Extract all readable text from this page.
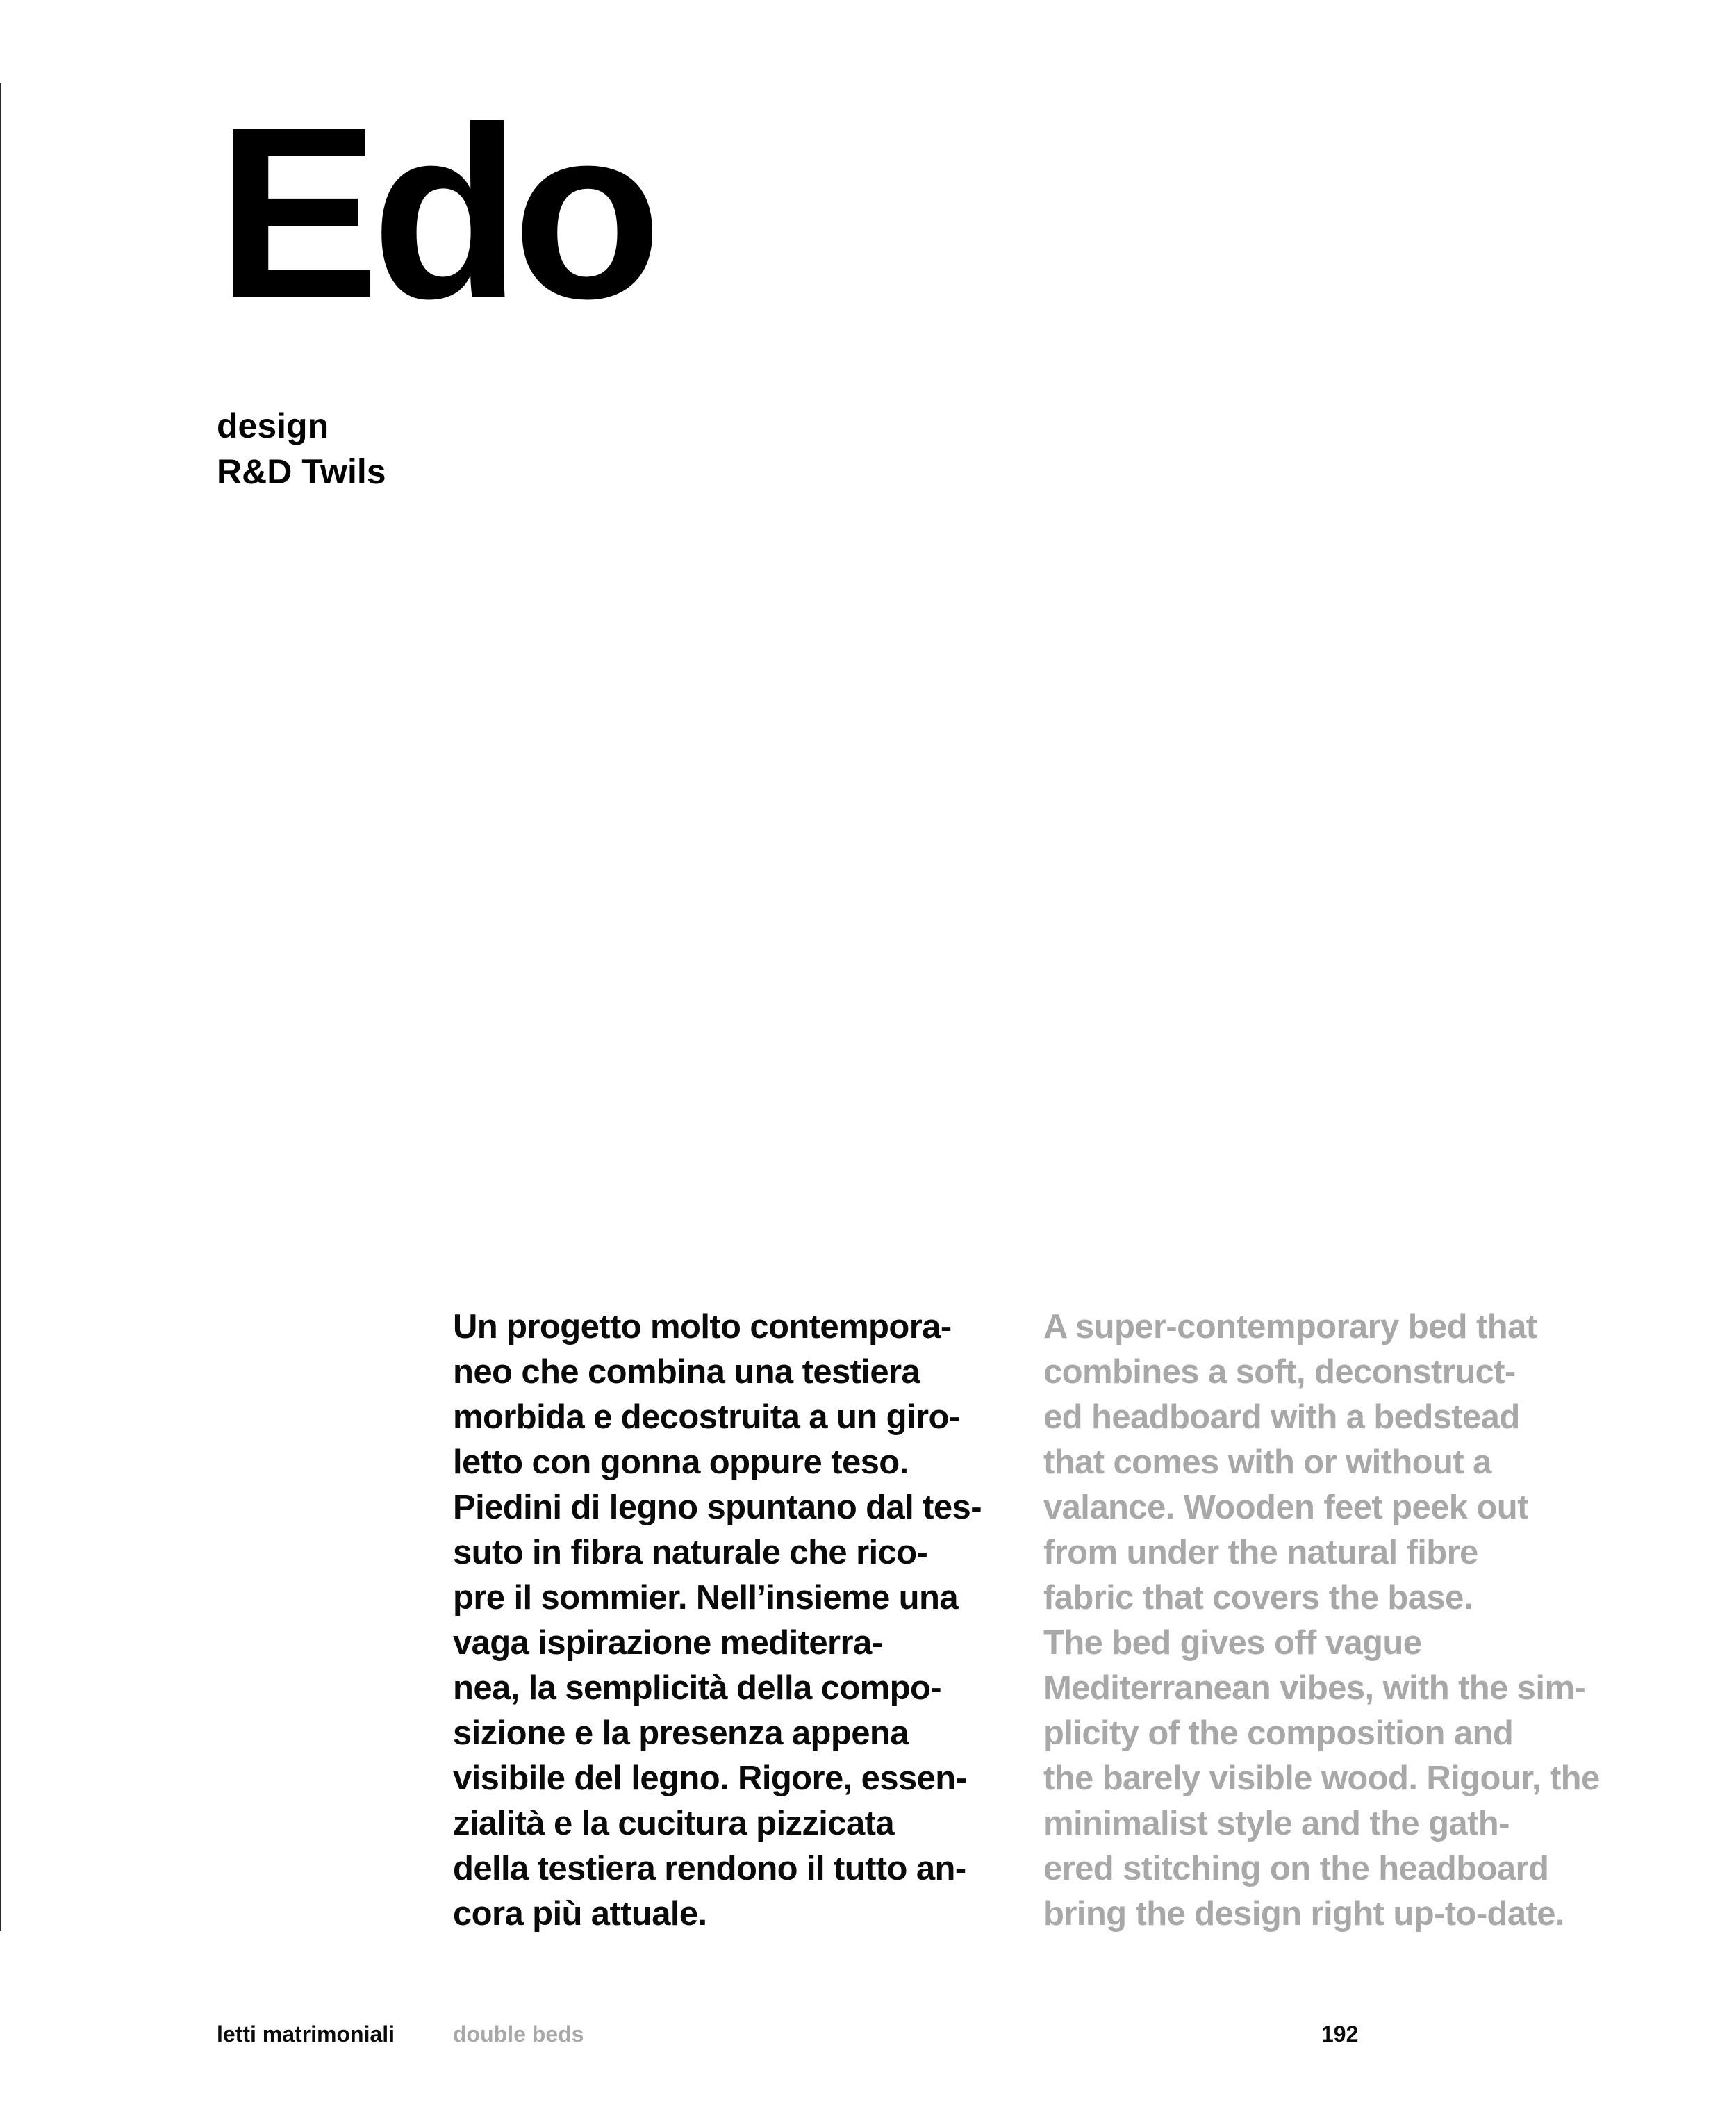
Edo
design
R&D Twils
Un progetto molto contempora-
neo che combina una testiera
morbida e decostruita a un giro-
letto con gonna oppure teso.
Piedini di legno spuntano dal tes-
suto in fibra naturale che rico-
pre il sommier. Nell’insieme una
vaga ispirazione mediterra-
nea, la semplicità della compo-
sizione e la presenza appena
visibile del legno. Rigore, essen-
zialità e la cucitura pizzicata
della testiera rendono il tutto an-
cora più attuale.
A super-contemporary bed that
combines a soft, deconstruct-
ed headboard with a bedstead
that comes with or without a
valance. Wooden feet peek out
from under the natural fibre
fabric that covers the base.
The bed gives off vague
Mediterranean vibes, with the sim-
plicity of the composition and
the barely visible wood. Rigour, the
minimalist style and the gath-
ered stitching on the headboard
bring the design right up-to-date.
letti matrimoniali	double beds	192
